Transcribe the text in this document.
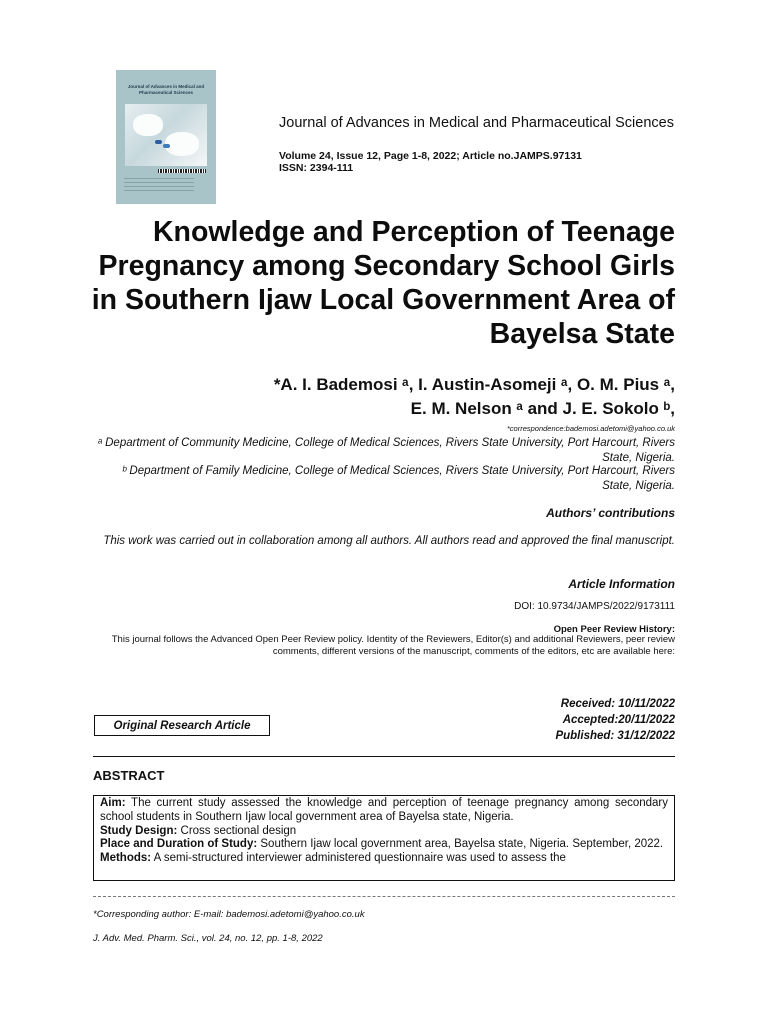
Journal of Advances in Medical and Pharmaceutical Sciences
Journal of Advances in Medical and Pharmaceutical Sciences
Volume 24, Issue 12, Page 1-8, 2022; Article no.JAMPS.97131
ISSN: 2394-111
Knowledge and Perception of Teenage Pregnancy among Secondary School Girls in Southern Ijaw Local Government Area of Bayelsa State
*A. I. Bademosi ᵃ, I. Austin-Asomeji ᵃ, O. M. Pius ᵃ,
E. M. Nelson ᵃ and J. E. Sokolo ᵇ,
*correspondence:bademosi.adetomi@yahoo.co.uk
ᵃ Department of Community Medicine, College of Medical Sciences, Rivers State University, Port Harcourt, Rivers State, Nigeria.
ᵇ Department of Family Medicine, College of Medical Sciences, Rivers State University, Port Harcourt, Rivers State, Nigeria.
Authors’ contributions
This work was carried out in collaboration among all authors. All authors read and approved the final manuscript.
Article Information
DOI: 10.9734/JAMPS/2022/9173111
Open Peer Review History:
This journal follows the Advanced Open Peer Review policy. Identity of the Reviewers, Editor(s) and additional Reviewers, peer review comments, different versions of the manuscript, comments of the editors, etc are available here:
Original Research Article
Received: 10/11/2022
Accepted:20/11/2022
Published: 31/12/2022
ABSTRACT

Aim: The current study assessed the knowledge and perception of teenage pregnancy among secondary school students in Southern Ijaw local government area of Bayelsa state, Nigeria.

Study Design: Cross sectional design

Place and Duration of Study: Southern Ijaw local government area, Bayelsa state, Nigeria. September, 2022.

Methods: A semi-structured interviewer administered questionnaire was used to assess the

*Corresponding author: E-mail: bademosi.adetomi@yahoo.co.uk
J. Adv. Med. Pharm. Sci., vol. 24, no. 12, pp. 1-8, 2022
